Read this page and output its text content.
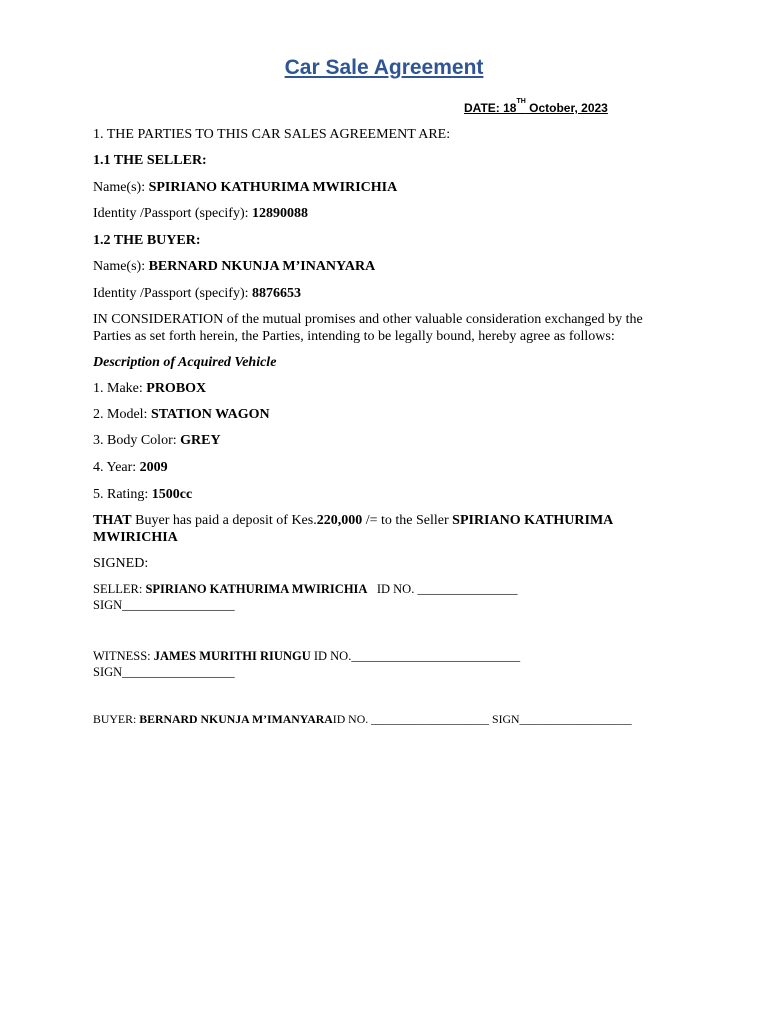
Car Sale Agreement
DATE: 18TH October, 2023
1. THE PARTIES TO THIS CAR SALES AGREEMENT ARE:
1.1 THE SELLER:
Name(s): SPIRIANO KATHURIMA MWIRICHIA
Identity /Passport (specify): 12890088
1.2 THE BUYER:
Name(s): BERNARD NKUNJA M’INANYARA
Identity /Passport (specify): 8876653
IN CONSIDERATION of the mutual promises and other valuable consideration exchanged by the Parties as set forth herein, the Parties, intending to be legally bound, hereby agree as follows:
Description of Acquired Vehicle
1. Make: PROBOX
2. Model: STATION WAGON
3. Body Color: GREY
4. Year: 2009
5. Rating: 1500cc
THAT Buyer has paid a deposit of Kes.220,000 /= to the Seller SPIRIANO KATHURIMA MWIRICHIA
SIGNED:
SELLER: SPIRIANO KATHURIMA MWIRICHIA   ID NO. ________________
SIGN__________________
WITNESS: JAMES MURITHI RIUNGU ID NO.___________________________
SIGN__________________
BUYER: BERNARD NKUNJA M’IMANYARAID NO. ____________________ SIGN___________________
